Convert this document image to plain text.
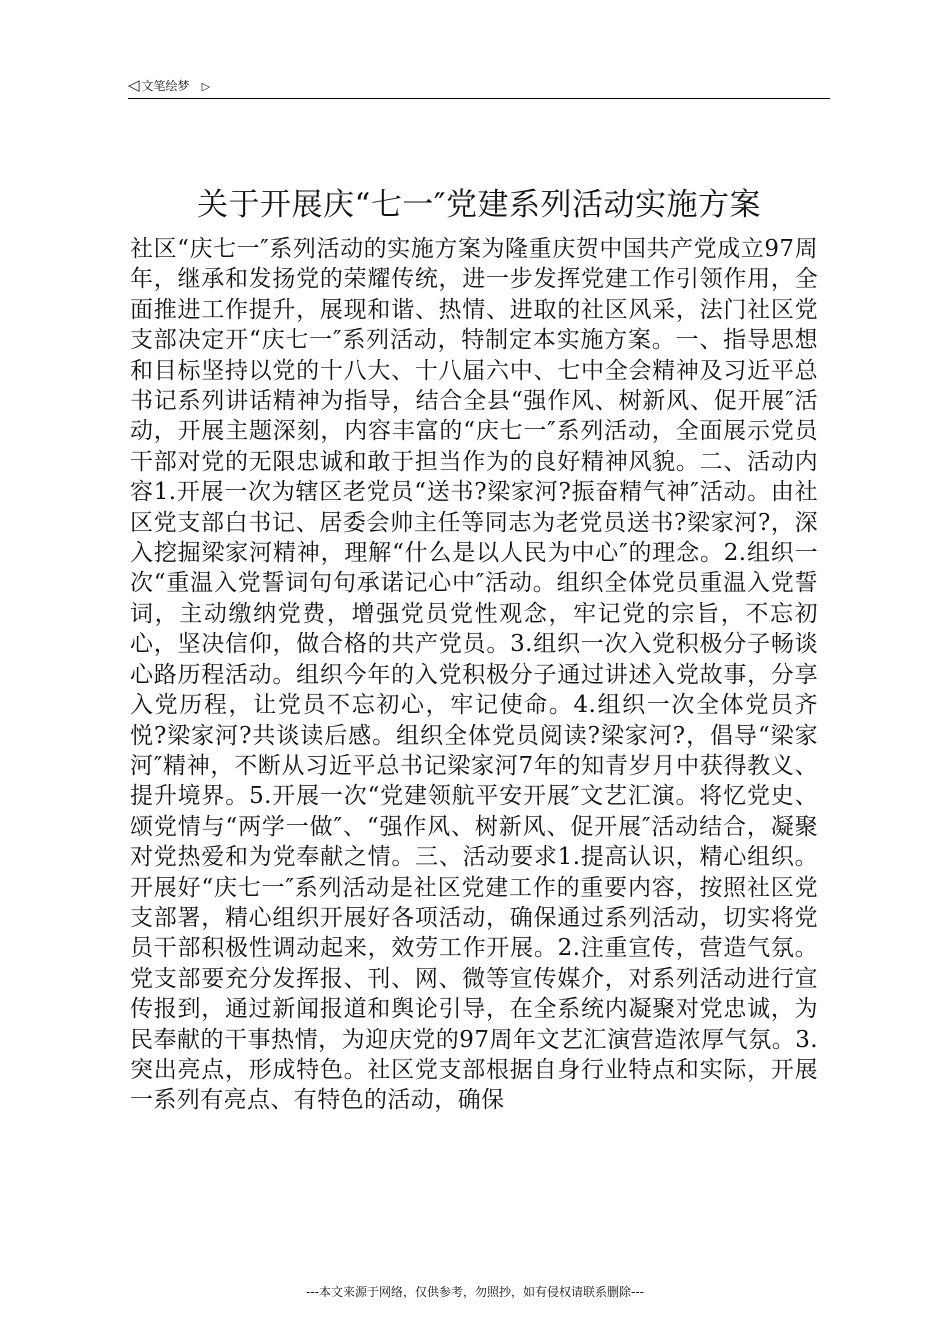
◁ 文笔绘梦 ▷
关于开展庆“七一″党建系列活动实施方案

社区“庆七一″系列活动的实施方案为隆重庆贺中国共产党成立97周年，继承和发扬党的荣耀传统，进一步发挥党建工作引领作用，全面推进工作提升，展现和谐、热情、进取的社区风采，法门社区党支部决定开“庆七一″系列活动，特制定本实施方案。一、指导思想和目标坚持以党的十八大、十八届六中、七中全会精神及习近平总书记系列讲话精神为指导，结合全县“强作风、树新风、促开展″活动，开展主题深刻，内容丰富的“庆七一″系列活动，全面展示党员干部对党的无限忠诚和敢于担当作为的良好精神风貌。二、活动内容1.开展一次为辖区老党员“送书?梁家河?振奋精气神″活动。由社区党支部白书记、居委会帅主任等同志为老党员送书?梁家河?，深入挖掘梁家河精神，理解“什么是以人民为中心″的理念。2.组织一次“重温入党誓词句句承诺记心中″活动。组织全体党员重温入党誓词，主动缴纳党费，增强党员党性观念，牢记党的宗旨，不忘初心，坚决信仰，做合格的共产党员。3.组织一次入党积极分子畅谈心路历程活动。组织今年的入党积极分子通过讲述入党故事，分享入党历程，让党员不忘初心，牢记使命。4.组织一次全体党员齐悦?梁家河?共谈读后感。组织全体党员阅读?梁家河?，倡导“梁家河″精神，不断从习近平总书记梁家河7年的知青岁月中获得教义、提升境界。5.开展一次“党建领航平安开展″文艺汇演。将忆党史、颂党情与“两学一做″、“强作风、树新风、促开展″活动结合，凝聚对党热爱和为党奉献之情。三、活动要求1.提高认识，精心组织。开展好“庆七一″系列活动是社区党建工作的重要内容，按照社区党支部署，精心组织开展好各项活动，确保通过系列活动，切实将党员干部积极性调动起来，效劳工作开展。2.注重宣传，营造气氛。党支部要充分发挥报、刊、网、微等宣传媒介，对系列活动进行宣传报到，通过新闻报道和舆论引导，在全系统内凝聚对党忠诚，为民奉献的干事热情，为迎庆党的97周年文艺汇演营造浓厚气氛。3.突出亮点，形成特色。社区党支部根据自身行业特点和实际，开展一系列有亮点、有特色的活动，确保

---本文来源于网络，仅供参考，勿照抄，如有侵权请联系删除---
